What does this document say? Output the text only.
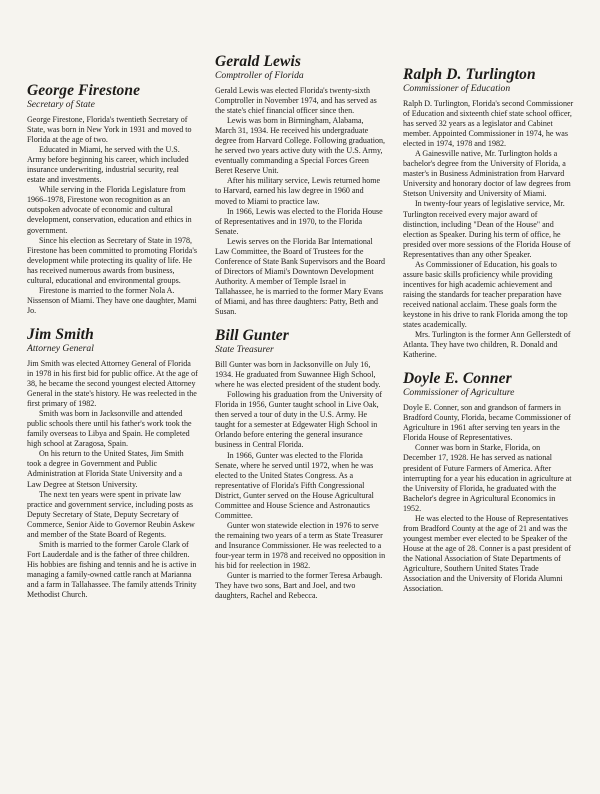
George Firestone
Secretary of State

George Firestone, Florida's twentieth Secretary of State, was born in New York in 1931 and moved to Florida at the age of two.

Educated in Miami, he served with the U.S. Army before beginning his career, which included insurance underwriting, industrial security, real estate and investments.

While serving in the Florida Legislature from 1966–1978, Firestone won recognition as an outspoken advocate of economic and cultural development, conservation, education and ethics in government.

Since his election as Secretary of State in 1978, Firestone has been committed to promoting Florida's development while protecting its quality of life. He has received numerous awards from business, cultural, educational and environmental groups.

Firestone is married to the former Nola A. Nissenson of Miami. They have one daughter, Mami Jo.

Jim Smith
Attorney General

Jim Smith was elected Attorney General of Florida in 1978 in his first bid for public office. At the age of 38, he became the second youngest elected Attorney General in the state's history. He was reelected in the first primary of 1982.

Smith was born in Jacksonville and attended public schools there until his father's work took the family overseas to Libya and Spain. He completed high school at Zaragosa, Spain.

On his return to the United States, Jim Smith took a degree in Government and Public Administration at Florida State University and a Law Degree at Stetson University.

The next ten years were spent in private law practice and government service, including posts as Deputy Secretary of State, Deputy Secretary of Commerce, Senior Aide to Governor Reubin Askew and member of the State Board of Regents.

Smith is married to the former Carole Clark of Fort Lauderdale and is the father of three children. His hobbies are fishing and tennis and he is active in managing a family-owned cattle ranch at Marianna and a farm in Tallahassee. The family attends Trinity Methodist Church.

Gerald Lewis
Comptroller of Florida

Gerald Lewis was elected Florida's twenty-sixth Comptroller in November 1974, and has served as the state's chief financial officer since then.

Lewis was born in Birmingham, Alabama, March 31, 1934. He received his undergraduate degree from Harvard College. Following graduation, he served two years active duty with the U.S. Army, eventually commanding a Special Forces Green Beret Reserve Unit.

After his military service, Lewis returned home to Harvard, earned his law degree in 1960 and moved to Miami to practice law.

In 1966, Lewis was elected to the Florida House of Representatives and in 1970, to the Florida Senate.

Lewis serves on the Florida Bar International Law Committee, the Board of Trustees for the Conference of State Bank Supervisors and the Board of Directors of Miami's Downtown Development Authority. A member of Temple Israel in Tallahassee, he is married to the former Mary Evans of Miami, and has three daughters: Patty, Beth and Susan.

Bill Gunter
State Treasurer

Bill Gunter was born in Jacksonville on July 16, 1934. He graduated from Suwannee High School, where he was elected president of the student body.

Following his graduation from the University of Florida in 1956, Gunter taught school in Live Oak, then served a tour of duty in the U.S. Army. He taught for a semester at Edgewater High School in Orlando before entering the general insurance business in Central Florida.

In 1966, Gunter was elected to the Florida Senate, where he served until 1972, when he was elected to the United States Congress. As a representative of Florida's Fifth Congressional District, Gunter served on the House Agricultural Committee and House Science and Astronautics Committee.

Gunter won statewide election in 1976 to serve the remaining two years of a term as State Treasurer and Insurance Commissioner. He was reelected to a four-year term in 1978 and received no opposition in his bid for reelection in 1982.

Gunter is married to the former Teresa Arbaugh. They have two sons, Bart and Joel, and two daughters, Rachel and Rebecca.

Ralph D. Turlington
Commissioner of Education

Ralph D. Turlington, Florida's second Commissioner of Education and sixteenth chief state school officer, has served 32 years as a legislator and Cabinet member. Appointed Commissioner in 1974, he was elected in 1974, 1978 and 1982.

A Gainesville native, Mr. Turlington holds a bachelor's degree from the University of Florida, a master's in Business Administration from Harvard University and honorary doctor of law degrees from Stetson University and University of Miami.

In twenty-four years of legislative service, Mr. Turlington received every major award of distinction, including "Dean of the House" and election as Speaker. During his term of office, he presided over more sessions of the Florida House of Representatives than any other Speaker.

As Commissioner of Education, his goals to assure basic skills proficiency while providing incentives for high academic achievement and raising the standards for teacher preparation have received national acclaim. These goals form the keystone in his drive to rank Florida among the top states academically.

Mrs. Turlington is the former Ann Gellerstedt of Atlanta. They have two children, R. Donald and Katherine.

Doyle E. Conner
Commissioner of Agriculture

Doyle E. Conner, son and grandson of farmers in Bradford County, Florida, became Commissioner of Agriculture in 1961 after serving ten years in the Florida House of Representatives.

Conner was born in Starke, Florida, on December 17, 1928. He has served as national president of Future Farmers of America. After interrupting for a year his education in agriculture at the University of Florida, he graduated with the Bachelor's degree in Agricultural Economics in 1952.

He was elected to the House of Representatives from Bradford County at the age of 21 and was the youngest member ever elected to be Speaker of the House at the age of 28. Conner is a past president of the National Association of State Departments of Agriculture, Southern United States Trade Association and the University of Florida Alumni Association.
